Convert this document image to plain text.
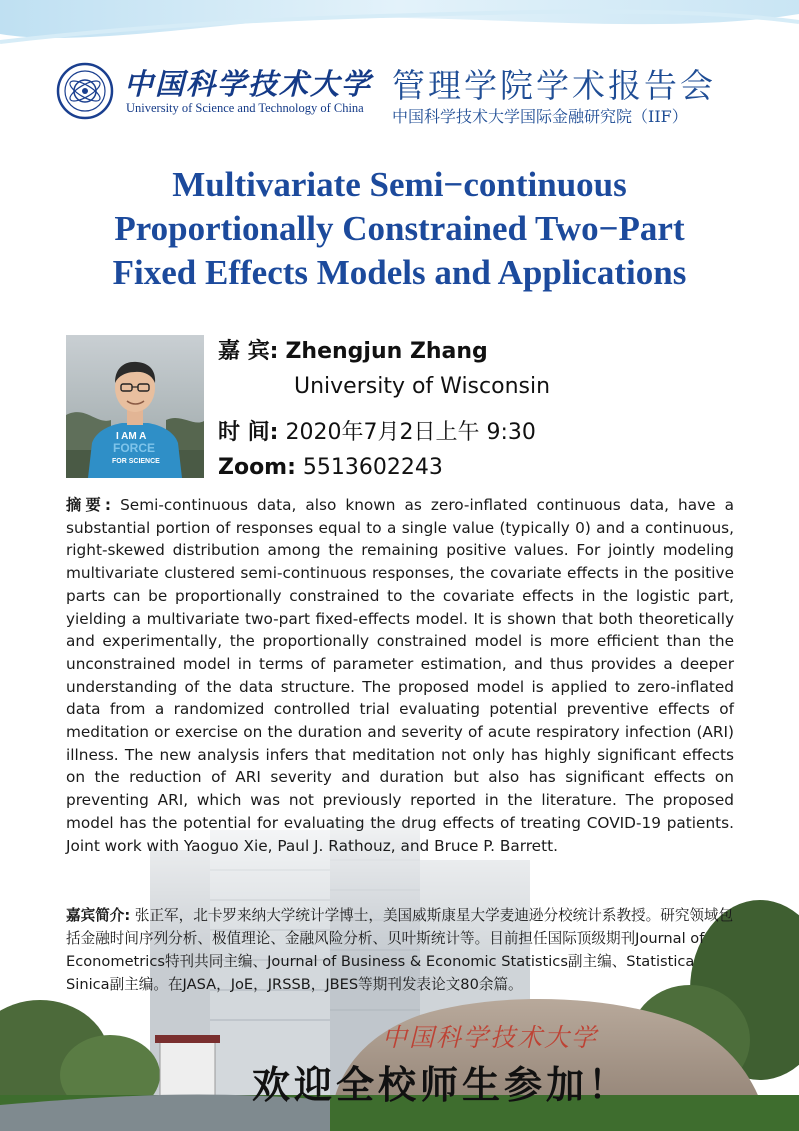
中国科学技术大学
University of Science and Technology of China
管理学院学术报告会
中国科学技术大学国际金融研究院（IIF）
Multivariate Semi−continuous
Proportionally Constrained Two−Part
Fixed Effects Models and Applications
I AM A
FORCE
FOR SCIENCE
嘉 宾: Zhengjun Zhang
University of Wisconsin
时 间: 2020年7月2日上午 9:30
Zoom: 5513602243
摘要: Semi-continuous data, also known as zero-inflated continuous data, have a substantial portion of responses equal to a single value (typically 0) and a continuous, right-skewed distribution among the remaining positive values. For jointly modeling multivariate clustered semi-continuous responses, the covariate effects in the positive parts can be proportionally constrained to the covariate effects in the logistic part, yielding a multivariate two-part fixed-effects model. It is shown that both theoretically and experimentally, the proportionally constrained model is more efficient than the unconstrained model in terms of parameter estimation, and thus provides a deeper understanding of the data structure. The proposed model is applied to zero-inflated data from a randomized controlled trial evaluating potential preventive effects of meditation or exercise on the duration and severity of acute respiratory infection (ARI) illness. The new analysis infers that meditation not only has highly significant effects on the reduction of ARI severity and duration but also has significant effects on preventing ARI, which was not previously reported in the literature. The proposed model has the potential for evaluating the drug effects of treating COVID-19 patients. Joint work with Yaoguo Xie, Paul J. Rathouz, and Bruce P. Barrett.
嘉宾简介: 张正军，北卡罗来纳大学统计学博士，美国威斯康星大学麦迪逊分校统计系教授。研究领域包括金融时间序列分析、极值理论、金融风险分析、贝叶斯统计等。目前担任国际顶级期刊Journal of Econometrics特刊共同主编、Journal of Business & Economic Statistics副主编、Statistica Sinica副主编。在JASA，JoE，JRSSB，JBES等期刊发表论文80余篇。
中国科学技术大学
欢迎全校师生参加！
